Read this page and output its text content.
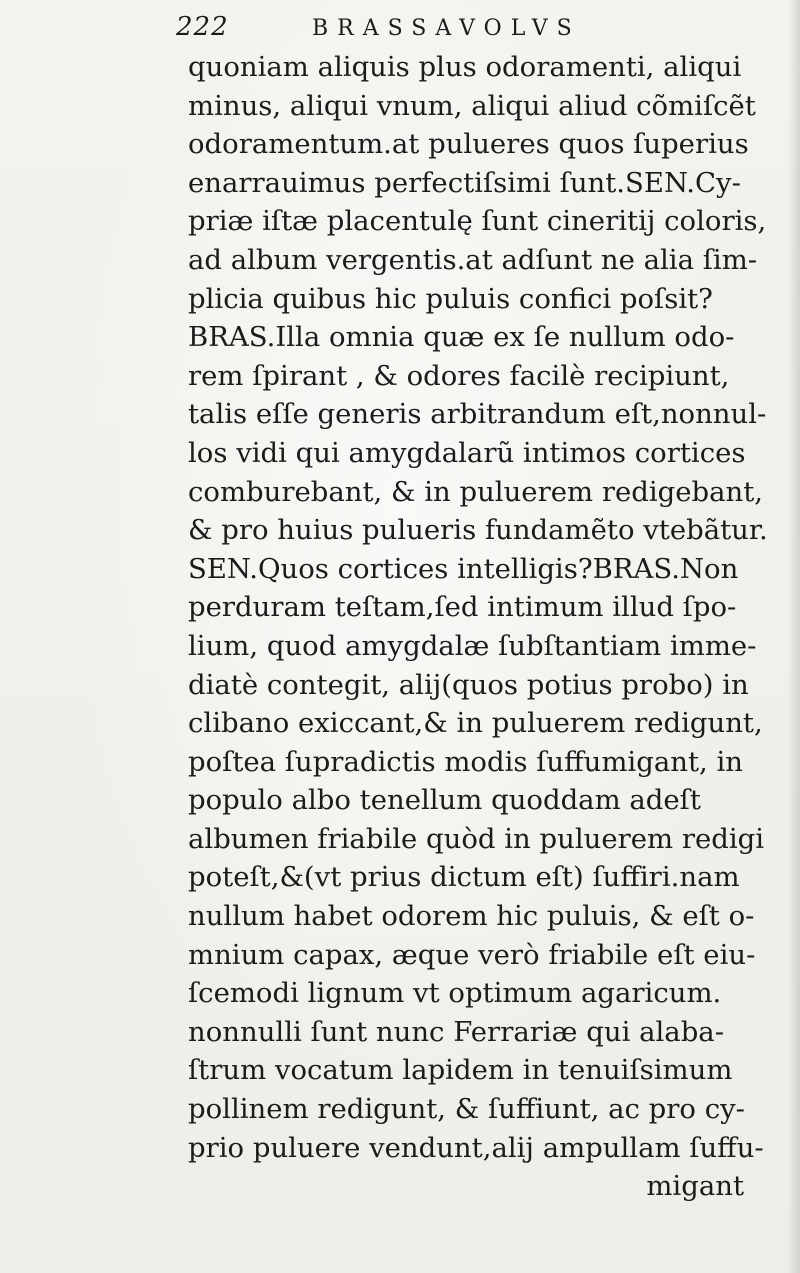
222	BRASSAVOLVS
quoniam aliquis plus odoramenti, aliqui
minus, aliqui vnum, aliqui aliud cõmiſcẽt
odoramentum.at pulueres quos ſuperius
enarrauimus perfectiſsimi ſunt.SEN.Cy-
priæ iſtæ placentulę ſunt cineritij coloris,
ad album vergentis.at adſunt ne alia ſim-
plicia quibus hic puluis confici poſsit?
BRAS.Illa omnia quæ ex ſe nullum odo-
rem ſpirant , & odores facilè recipiunt,
talis eſſe generis arbitrandum eſt,nonnul-
los vidi qui amygdalarũ intimos cortices
comburebant, & in puluerem redigebant,
& pro huius pulueris fundamẽto vtebãtur.
SEN.Quos cortices intelligis?BRAS.Non
perduram teſtam,ſed intimum illud ſpo-
lium, quod amygdalæ ſubſtantiam imme-
diatè contegit, alij(quos potius probo) in
clibano exiccant,& in puluerem redigunt,
poſtea ſupradictis modis ſuffumigant, in
populo albo tenellum quoddam adeſt
albumen friabile quòd in puluerem redigi
poteſt,&(vt prius dictum eſt) ſuffiri.nam
nullum habet odorem hic puluis, & eſt o-
mnium capax, æque verò friabile eſt eiu-
ſcemodi lignum vt optimum agaricum.
nonnulli ſunt nunc Ferrariæ qui alaba-
ſtrum vocatum lapidem in tenuiſsimum
pollinem redigunt, & ſuffiunt, ac pro cy-
prio puluere vendunt,alij ampullam ſuffu-
migant
